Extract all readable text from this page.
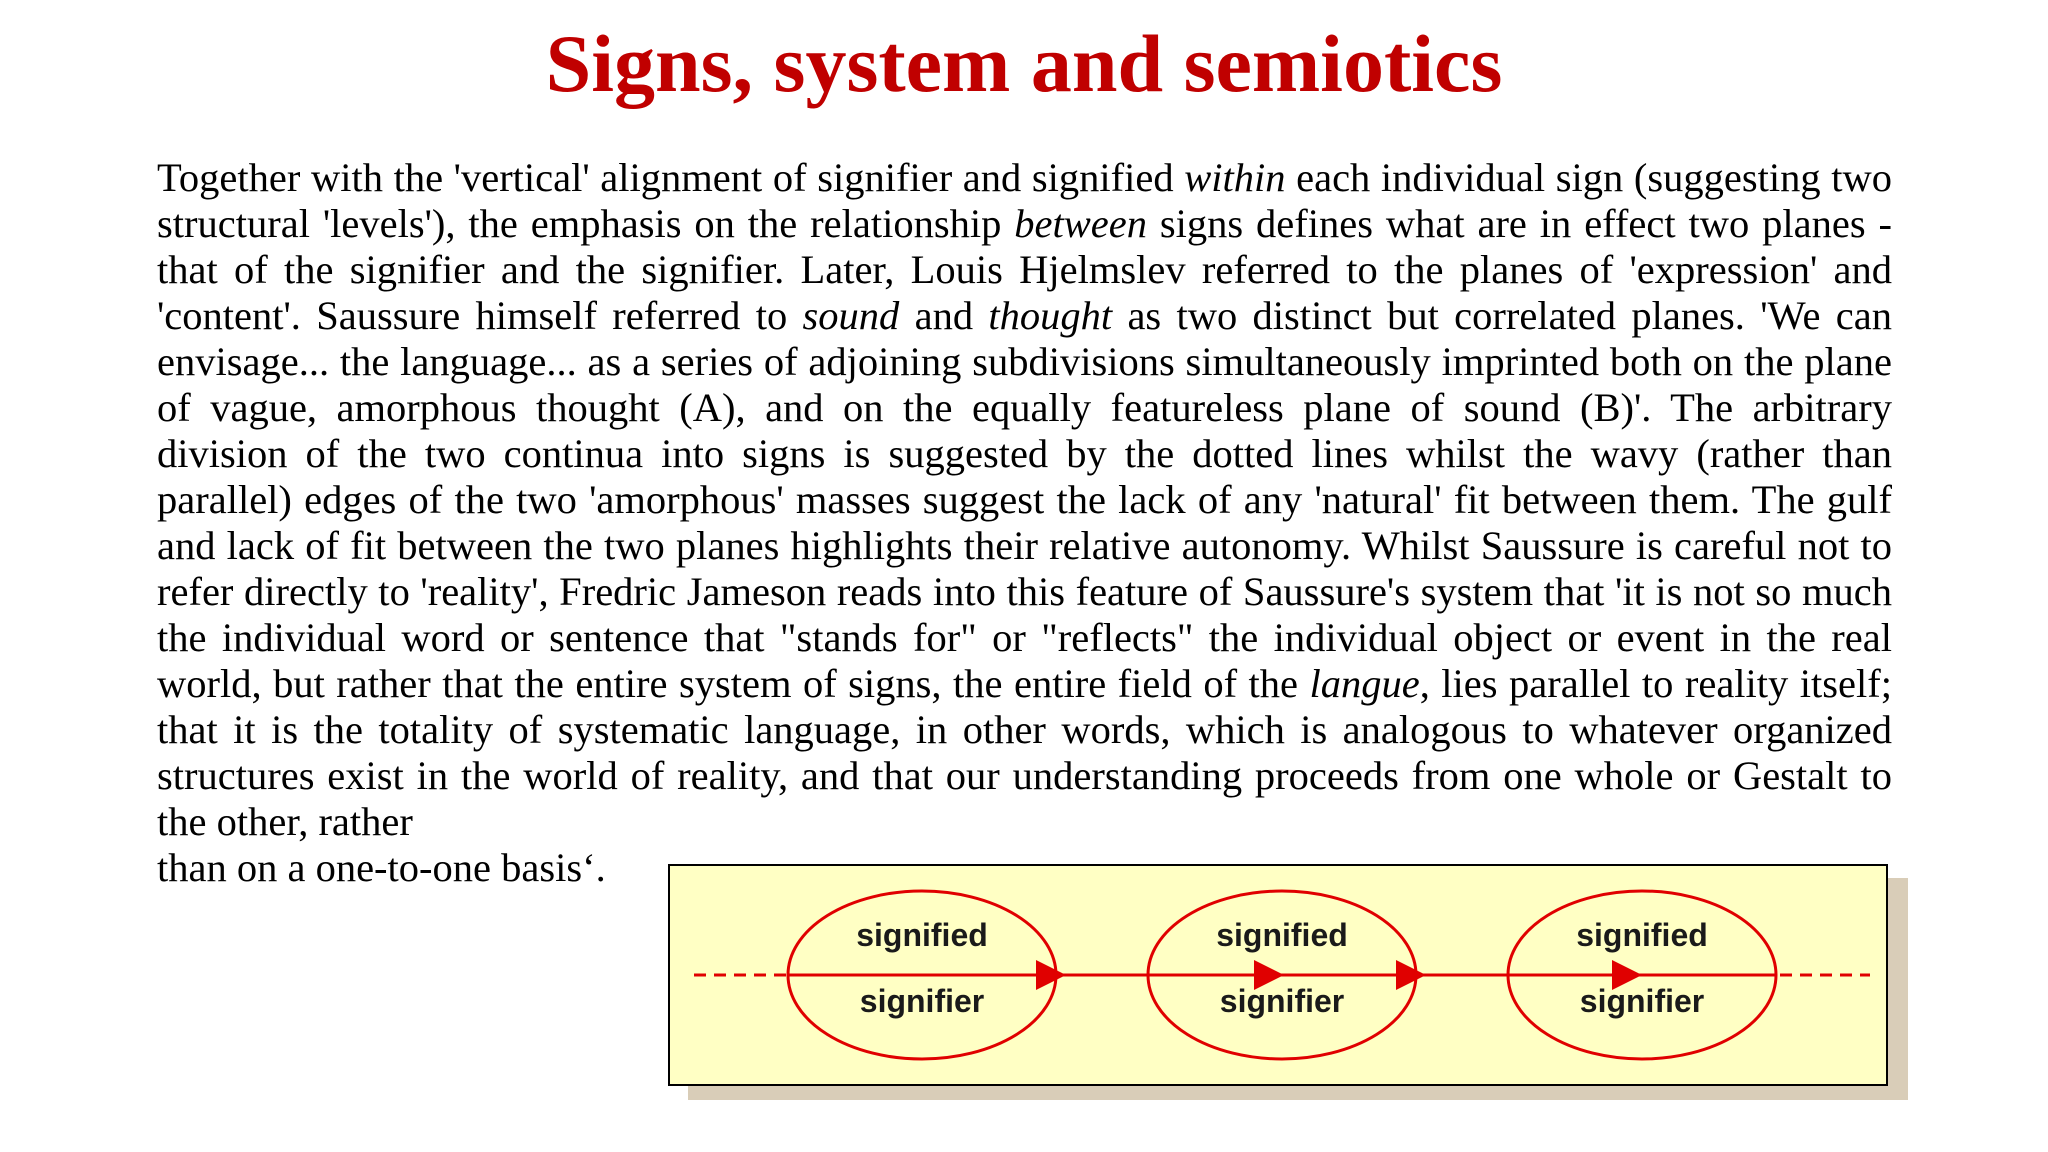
Signs, system and semiotics

Together with the 'vertical' alignment of signifier and signified within each individual sign (suggesting two structural 'levels'), the emphasis on the relationship between signs defines what are in effect two planes - that of the signifier and the signifier. Later, Louis Hjelmslev referred to the planes of 'expression' and 'content'. Saussure himself referred to sound and thought as two distinct but correlated planes. 'We can envisage... the language... as a series of adjoining subdivisions simultaneously imprinted both on the plane of vague, amorphous thought (A), and on the equally featureless plane of sound (B)'. The arbitrary division of the two continua into signs is suggested by the dotted lines whilst the wavy (rather than parallel) edges of the two 'amorphous' masses suggest the lack of any 'natural' fit between them. The gulf and lack of fit between the two planes highlights their relative autonomy. Whilst Saussure is careful not to refer directly to 'reality', Fredric Jameson reads into this feature of Saussure's system that 'it is not so much the individual word or sentence that "stands for" or "reflects" the individual object or event in the real world, but rather that the entire system of signs, the entire field of the langue, lies parallel to reality itself; that it is the totality of systematic language, in other words, which is analogous to whatever organized structures exist in the world of reality, and that our understanding proceeds from one whole or Gestalt to the other, rather

than on a one-to-one basis‘.
signified
signifier
signified
signifier
signified
signifier
